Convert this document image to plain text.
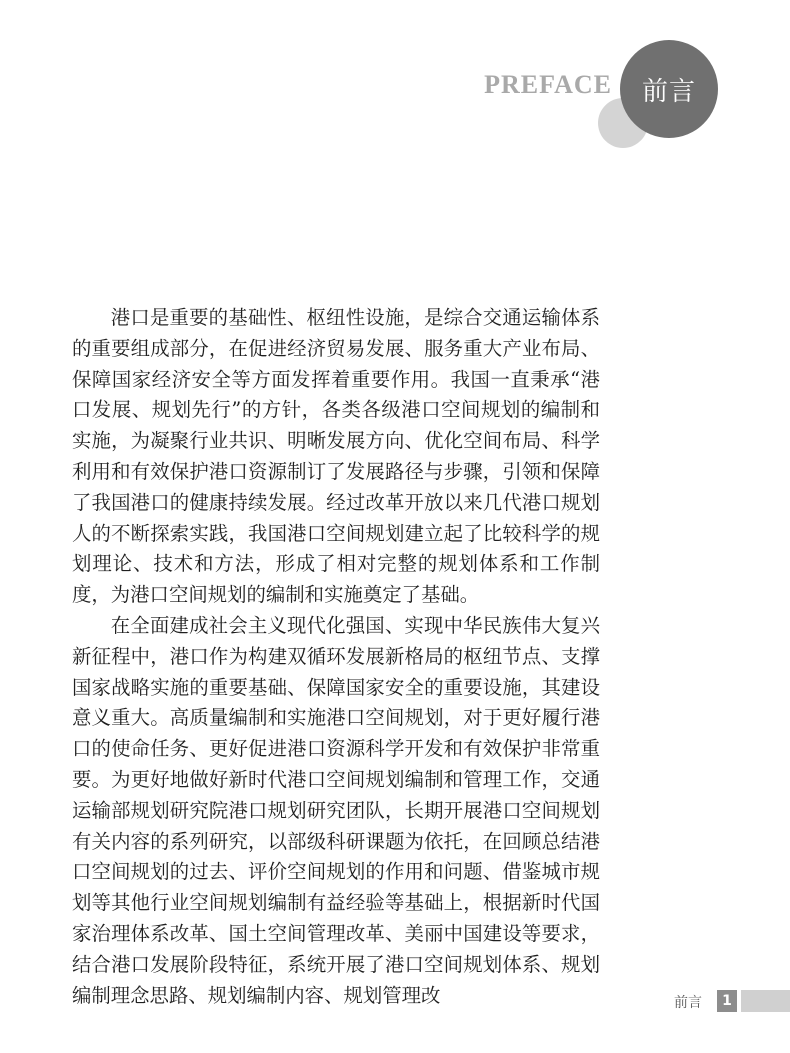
PREFACE 前言

港口是重要的基础性、枢纽性设施，是综合交通运输体系的重要组成部分，在促进经济贸易发展、服务重大产业布局、保障国家经济安全等方面发挥着重要作用。我国一直秉承“港口发展、规划先行”的方针，各类各级港口空间规划的编制和实施，为凝聚行业共识、明晰发展方向、优化空间布局、科学利用和有效保护港口资源制订了发展路径与步骤，引领和保障了我国港口的健康持续发展。经过改革开放以来几代港口规划人的不断探索实践，我国港口空间规划建立起了比较科学的规划理论、技术和方法，形成了相对完整的规划体系和工作制度，为港口空间规划的编制和实施奠定了基础。

在全面建成社会主义现代化强国、实现中华民族伟大复兴新征程中，港口作为构建双循环发展新格局的枢纽节点、支撑国家战略实施的重要基础、保障国家安全的重要设施，其建设意义重大。高质量编制和实施港口空间规划，对于更好履行港口的使命任务、更好促进港口资源科学开发和有效保护非常重要。为更好地做好新时代港口空间规划编制和管理工作，交通运输部规划研究院港口规划研究团队，长期开展港口空间规划有关内容的系列研究，以部级科研课题为依托，在回顾总结港口空间规划的过去、评价空间规划的作用和问题、借鉴城市规划等其他行业空间规划编制有益经验等基础上，根据新时代国家治理体系改革、国土空间管理改革、美丽中国建设等要求，结合港口发展阶段特征，系统开展了港口空间规划体系、规划编制理念思路、规划编制内容、规划管理改	前言	1
